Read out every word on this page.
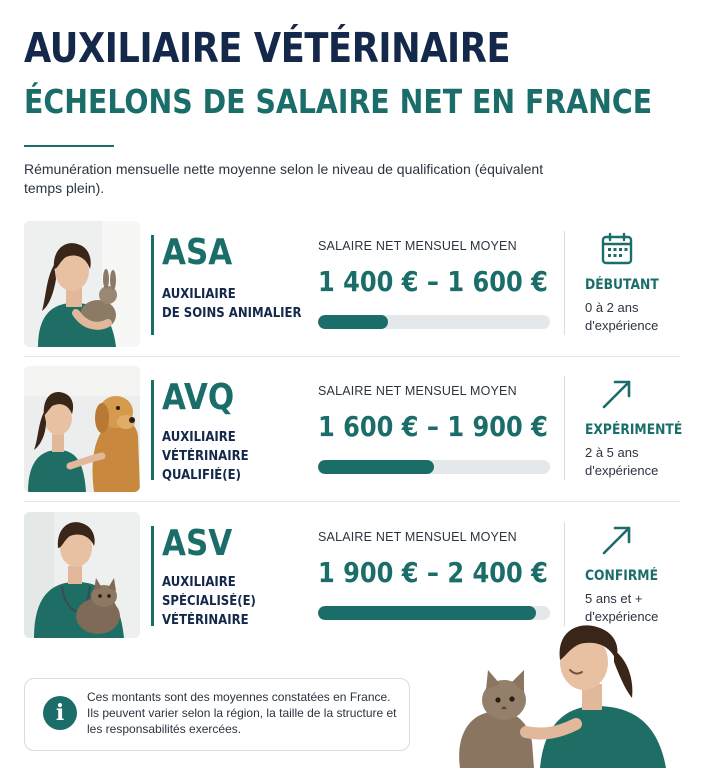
AUXILIAIRE VÉTÉRINAIRE
ÉCHELONS DE SALAIRE NET EN FRANCE

Rémunération mensuelle nette moyenne selon le niveau de qualification (équivalent temps plein).

ASA
AUXILIAIRE
DE SOINS ANIMALIER
SALAIRE NET MENSUEL MOYEN
1 400 € – 1 600 €	DÉBUTANT
0 à 2 ans
d'expérience
AVQ
AUXILIAIRE
VÉTÉRINAIRE
QUALIFIÉ(E)
SALAIRE NET MENSUEL MOYEN
1 600 € – 1 900 €	EXPÉRIMENTÉ
2 à 5 ans
d'expérience
ASV
AUXILIAIRE
SPÉCIALISÉ(E)
VÉTÉRINAIRE
SALAIRE NET MENSUEL MOYEN
1 900 € – 2 400 €	CONFIRMÉ
5 ans et +
d'expérience
i

Ces montants sont des moyennes constatées en France. Ils peuvent varier selon la région, la taille de la structure et les responsabilités exercées.
